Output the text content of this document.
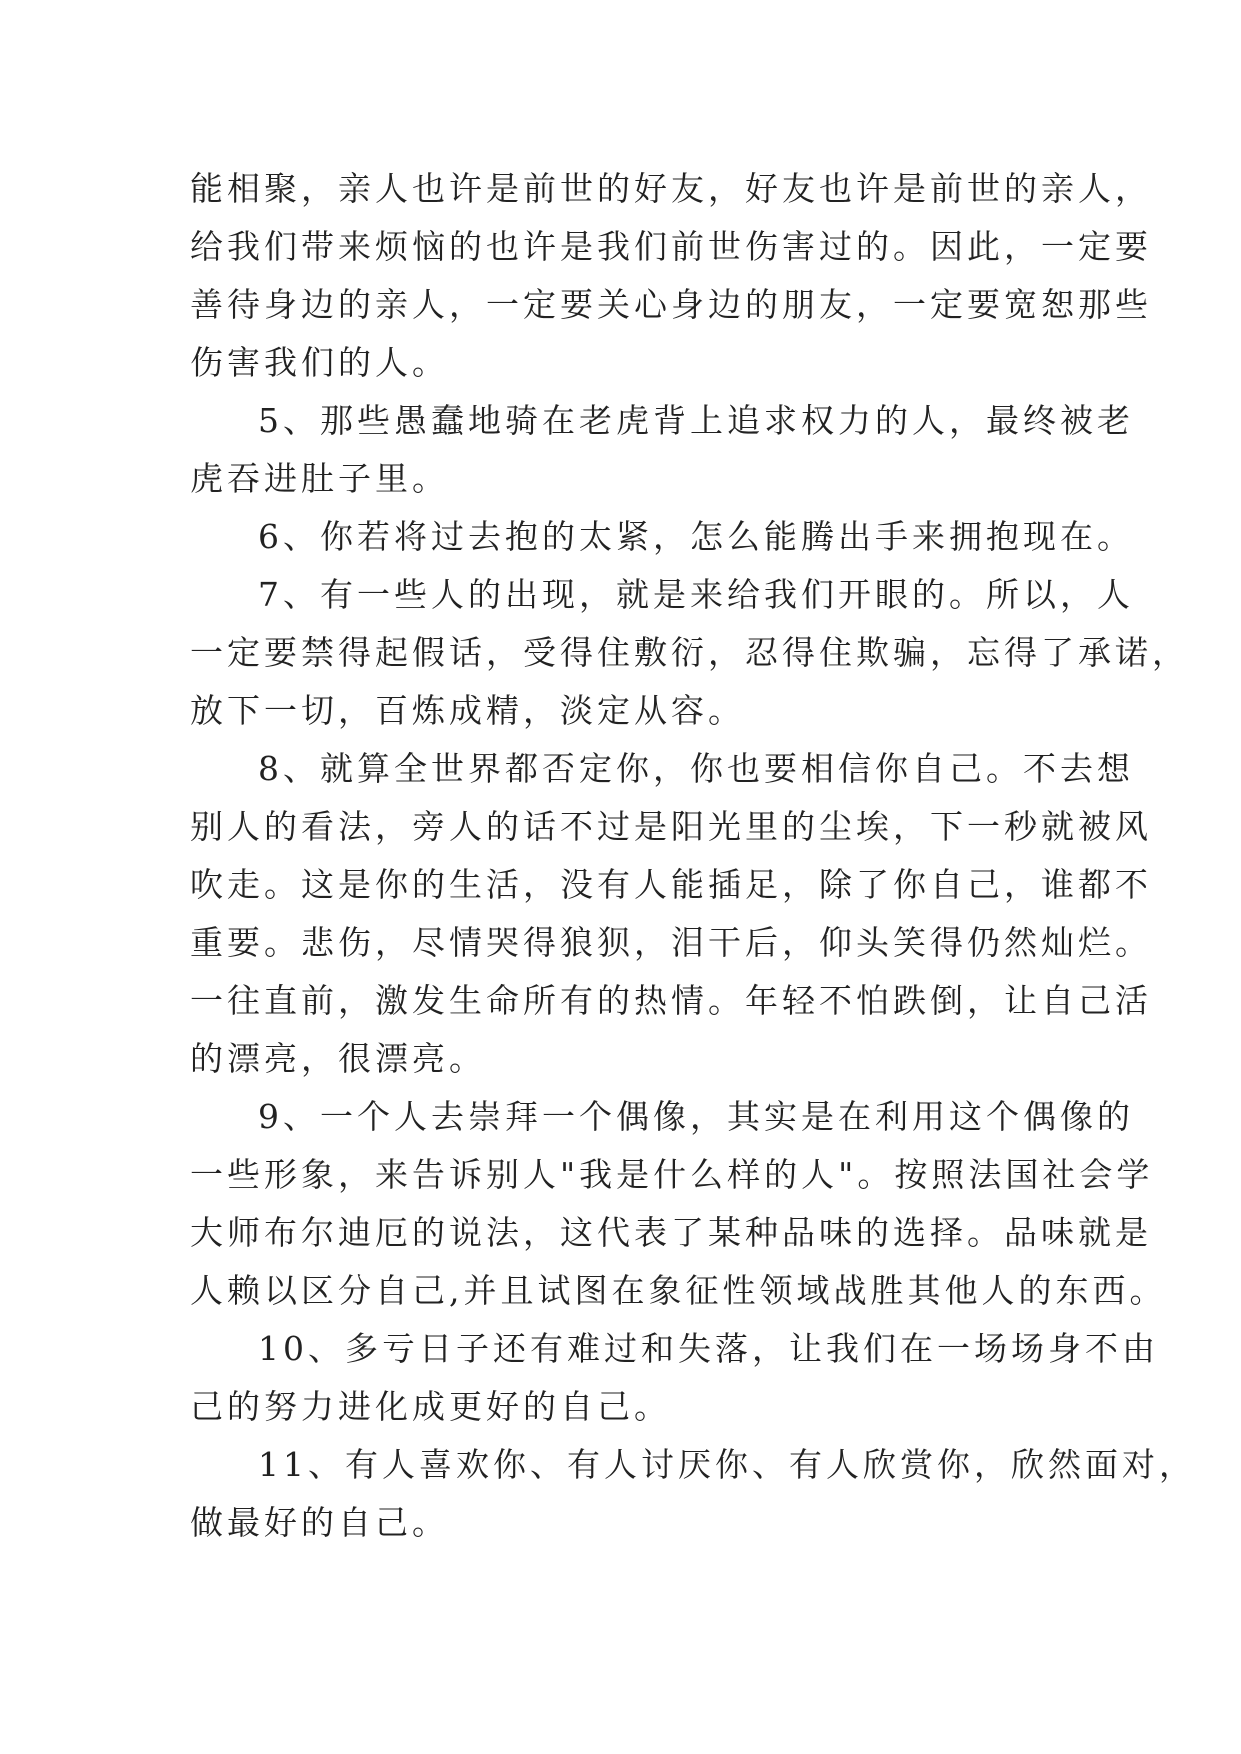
能相聚，亲人也许是前世的好友，好友也许是前世的亲人，
给我们带来烦恼的也许是我们前世伤害过的。因此，一定要
善待身边的亲人，一定要关心身边的朋友，一定要宽恕那些
伤害我们的人。
5、那些愚蠢地骑在老虎背上追求权力的人，最终被老
虎吞进肚子里。
6、你若将过去抱的太紧，怎么能腾出手来拥抱现在。
7、有一些人的出现，就是来给我们开眼的。所以，人
一定要禁得起假话，受得住敷衍，忍得住欺骗，忘得了承诺，
放下一切，百炼成精，淡定从容。
8、就算全世界都否定你，你也要相信你自己。不去想
别人的看法，旁人的话不过是阳光里的尘埃，下一秒就被风
吹走。这是你的生活，没有人能插足，除了你自己，谁都不
重要。悲伤，尽情哭得狼狈，泪干后，仰头笑得仍然灿烂。
一往直前，激发生命所有的热情。年轻不怕跌倒，让自己活
的漂亮，很漂亮。
9、一个人去崇拜一个偶像，其实是在利用这个偶像的
一些形象，来告诉别人"我是什么样的人"。按照法国社会学
大师布尔迪厄的说法，这代表了某种品味的选择。品味就是
人赖以区分自己,并且试图在象征性领域战胜其他人的东西。
10、多亏日子还有难过和失落，让我们在一场场身不由
己的努力进化成更好的自己。
11、有人喜欢你、有人讨厌你、有人欣赏你，欣然面对，
做最好的自己。
